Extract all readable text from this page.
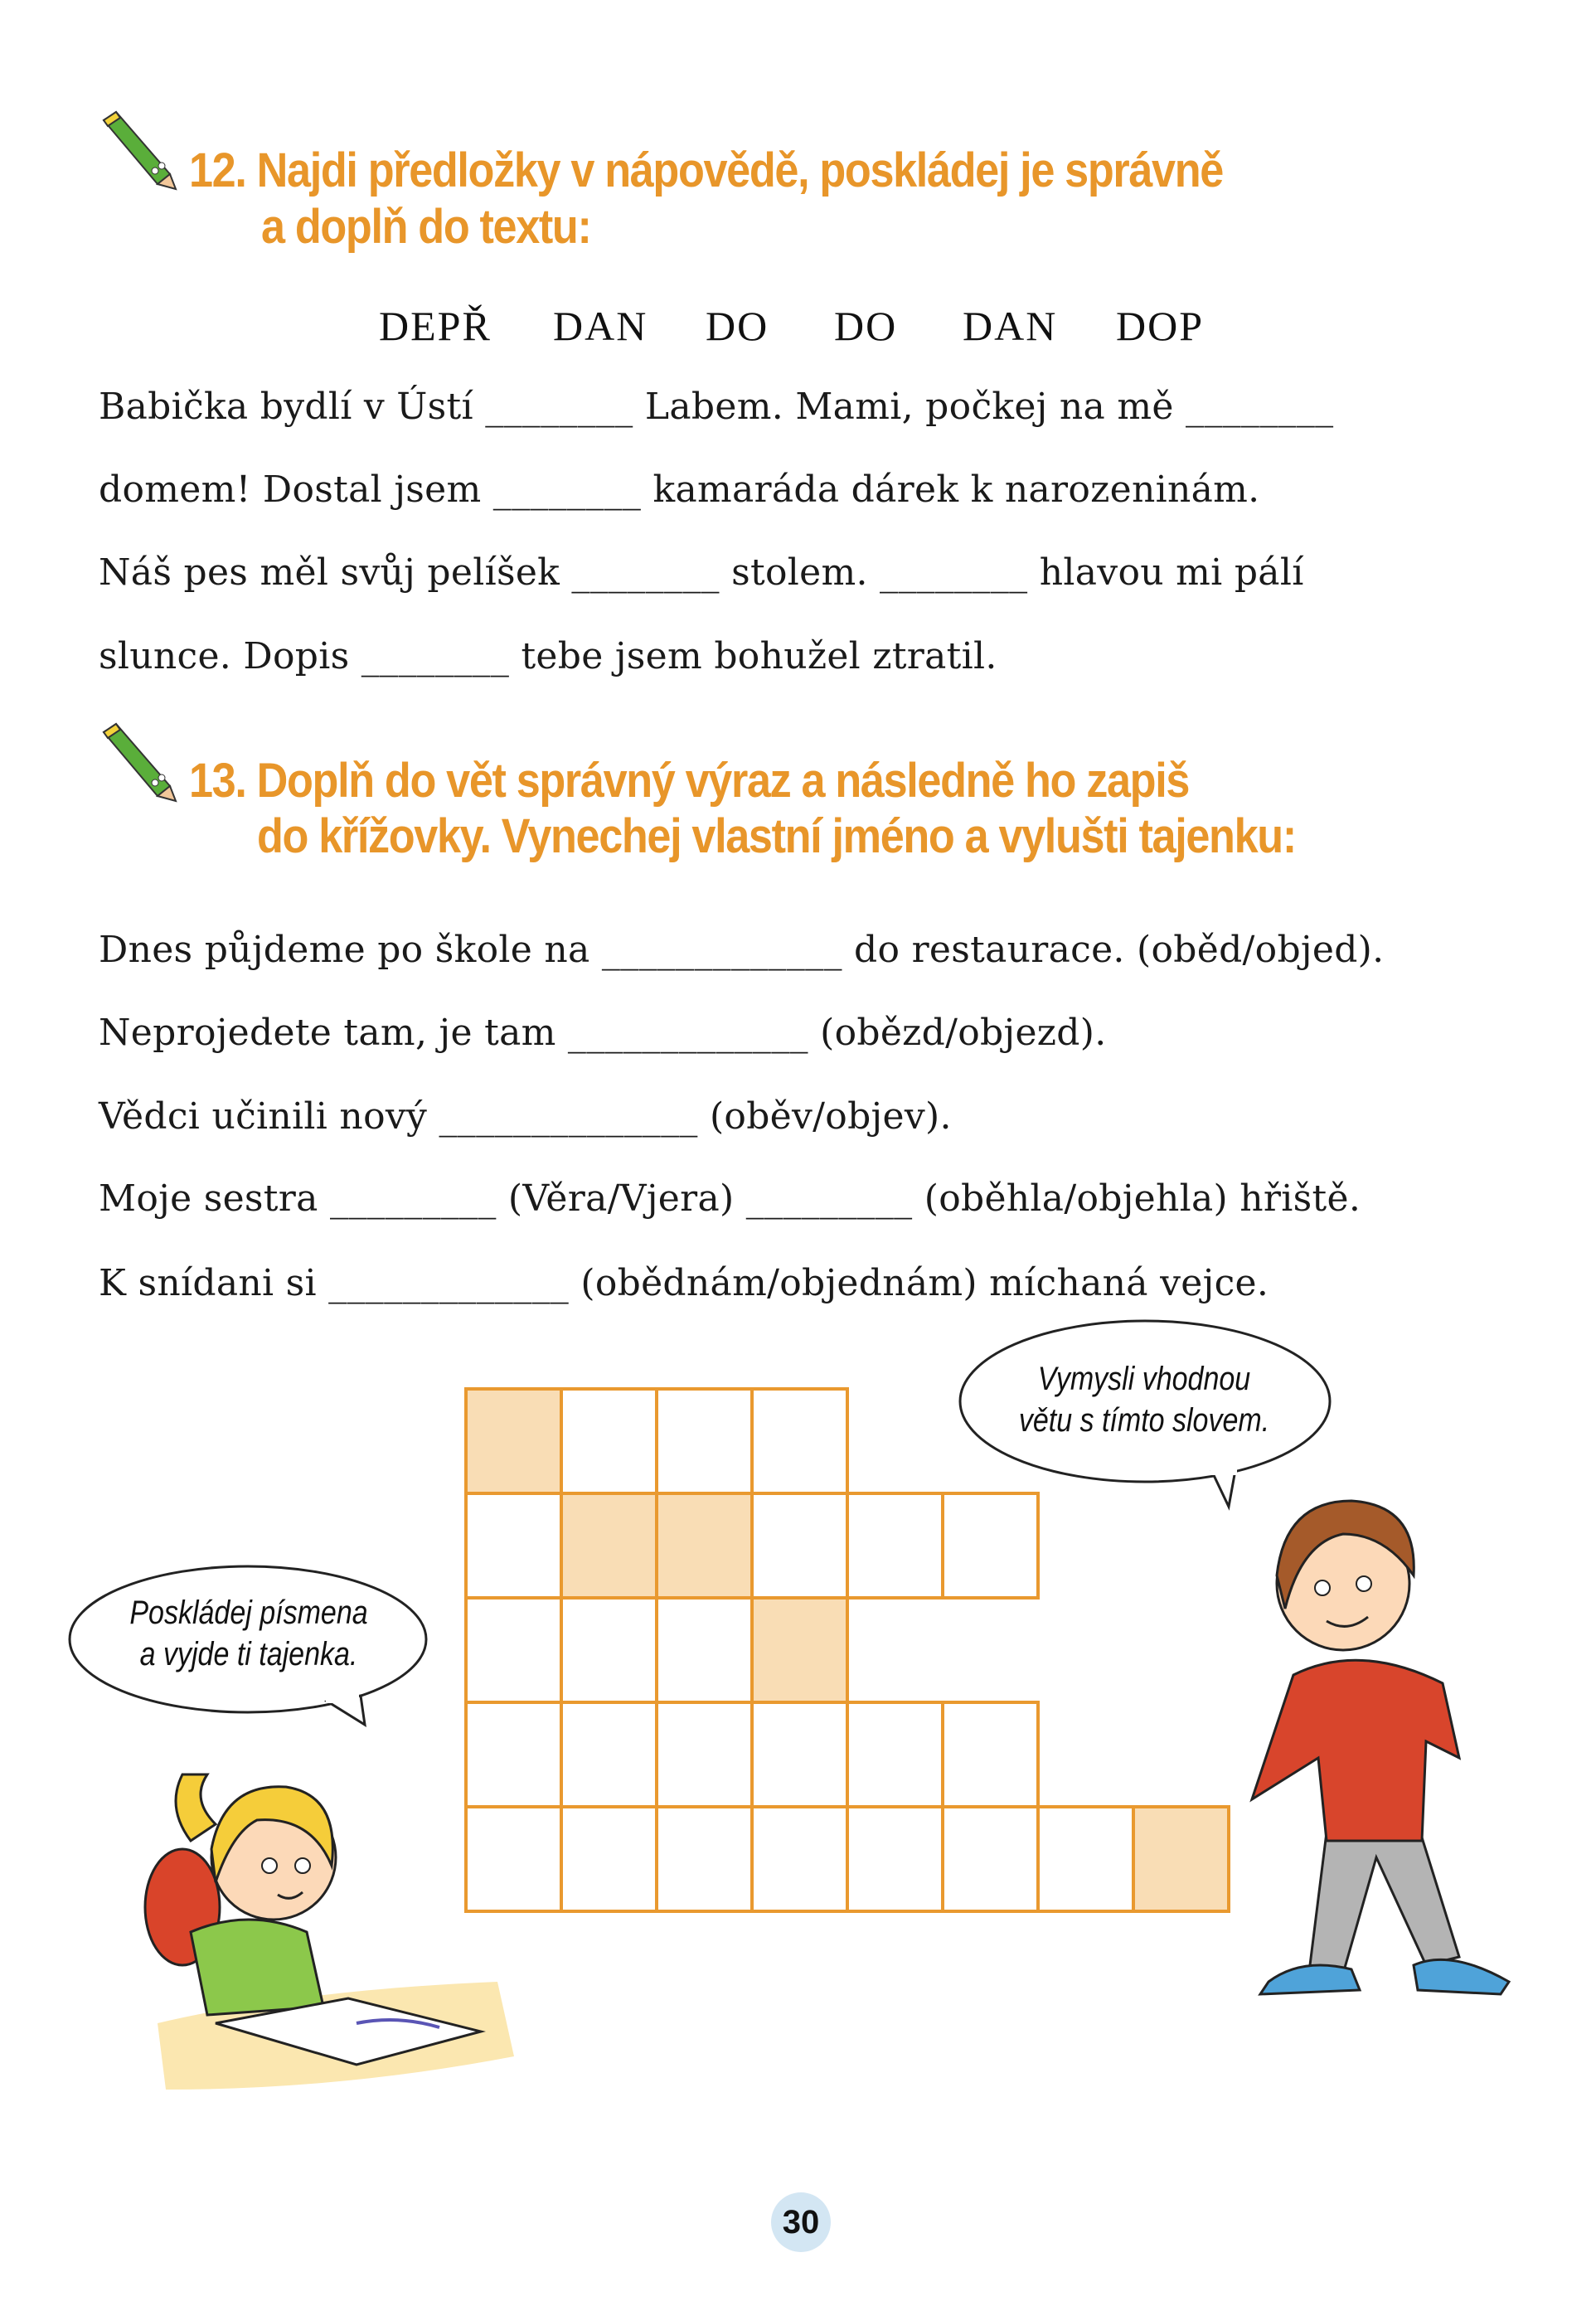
12. Najdi předložky v nápovědě, poskládej je správně
a doplň do textu:
DEPŘ DAN DO DO DAN DOP
Babička bydlí v Ústí ________ Labem. Mami, počkej na mě ________
domem! Dostal jsem ________ kamaráda dárek k narozeninám.
Náš pes měl svůj pelíšek ________ stolem. ________ hlavou mi pálí
slunce. Dopis ________ tebe jsem bohužel ztratil.
13. Doplň do vět správný výraz a následně ho zapiš
do křížovky. Vynechej vlastní jméno a vylušti tajenku:
Dnes půjdeme po škole na _____________ do restaurace. (oběd/objed).
Neprojedete tam, je tam _____________ (obězd/objezd).
Vědci učinili nový ______________ (oběv/objev).
Moje sestra _________ (Věra/Vjera) _________ (oběhla/objehla) hřiště.
K snídani si _____________ (obědnám/objednám) míchaná vejce.
Poskládej písmena
a vyjde ti tajenka.
Vymysli vhodnou
větu s tímto slovem.
30
